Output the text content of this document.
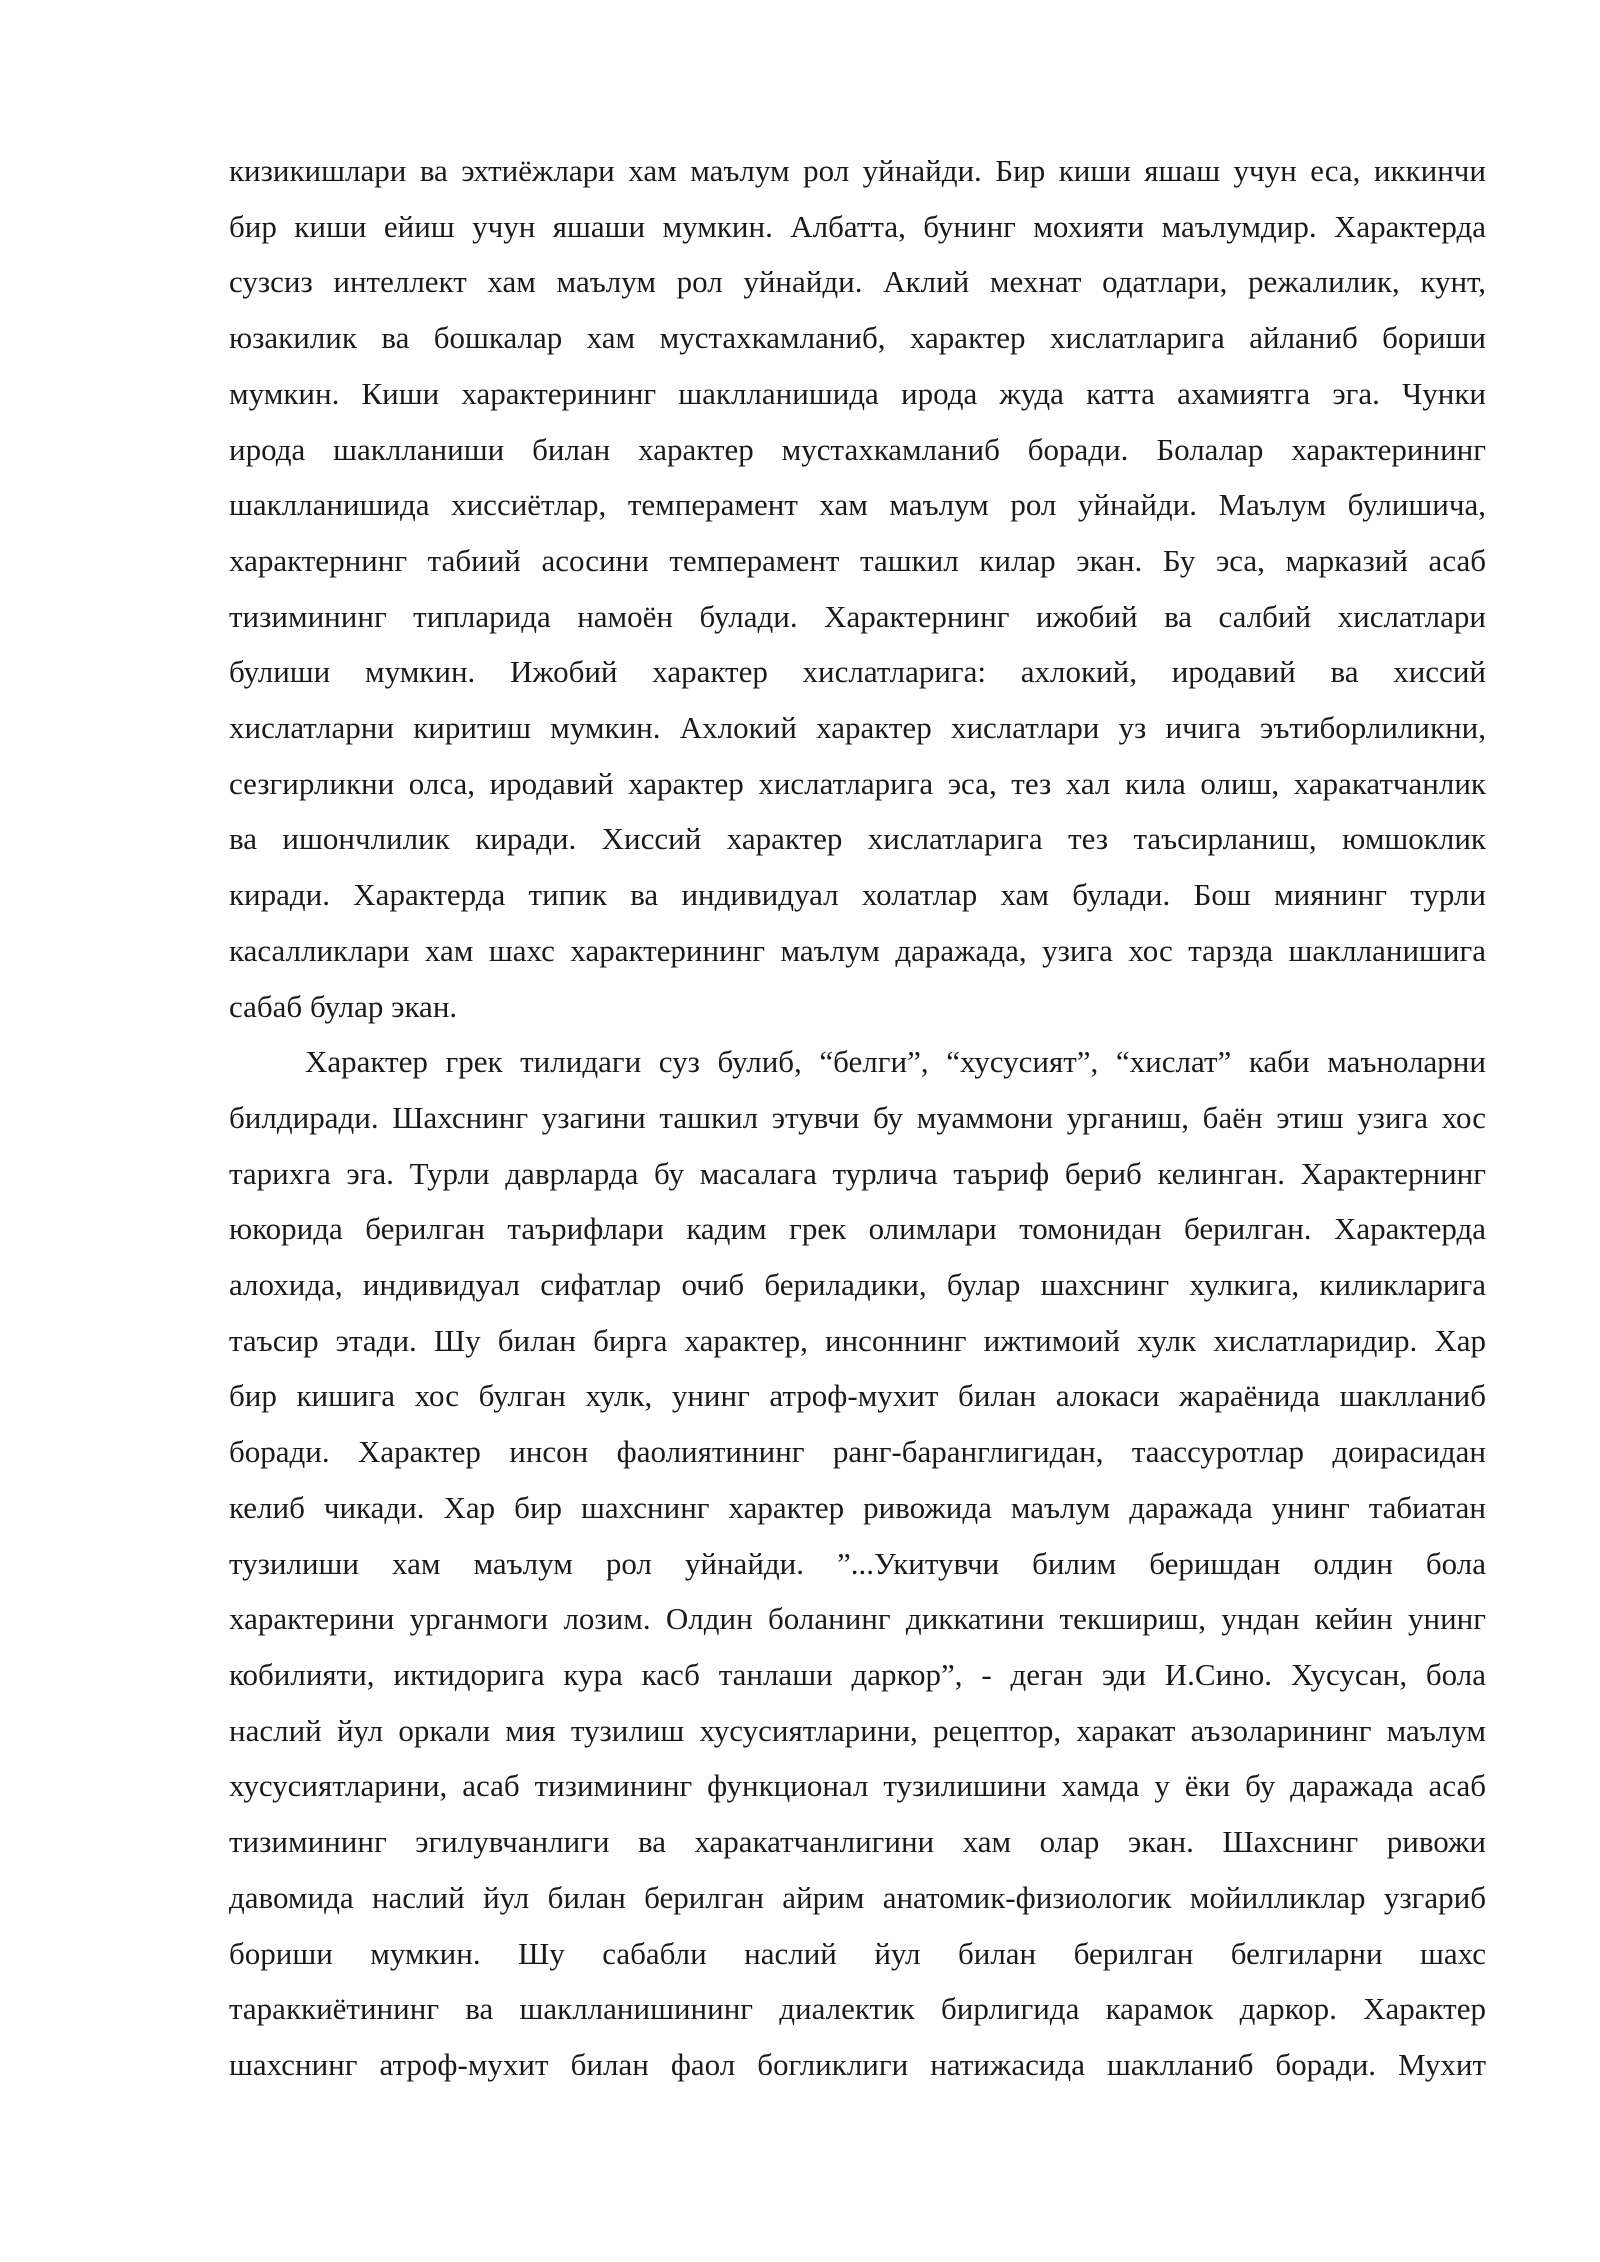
кизикишлари ва эхтиёжлари хам маълум рол уйнайди. Бир киши яшаш учун еса, иккинчи
бир киши ейиш учун яшаши мумкин. Албатта, бунинг мохияти маълумдир. Характерда
сузсиз интеллект хам маълум рол уйнайди. Аклий мехнат одатлари, режалилик, кунт,
юзакилик ва бошкалар хам мустахкамланиб, характер хислатларига айланиб бориши
мумкин. Киши характерининг шаклланишида ирода жуда катта ахамиятга эга. Чунки
ирода шаклланиши билан характер мустахкамланиб боради. Болалар характерининг
шаклланишида хиссиётлар, темперамент хам маълум рол уйнайди. Маълум булишича,
характернинг табиий асосини темперамент ташкил килар экан. Бу эса, марказий асаб
тизимининг типларида намоён булади. Характернинг ижобий ва салбий хислатлари
булиши мумкин. Ижобий характер хислатларига: ахлокий, иродавий ва хиссий
хислатларни киритиш мумкин. Ахлокий характер хислатлари уз ичига эътиборлиликни,
сезгирликни олса, иродавий характер хислатларига эса, тез хал кила олиш, харакатчанлик
ва ишончлилик киради. Хиссий характер хислатларига тез таъсирланиш, юмшоклик
киради. Характерда типик ва индивидуал холатлар хам булади. Бош миянинг турли
касалликлари хам шахс характерининг маълум даражада, узига хос тарзда шаклланишига
сабаб булар экан.
Характер грек тилидаги суз булиб, “белги”, “хусусият”, “хислат” каби маъноларни
билдиради. Шахснинг узагини ташкил этувчи бу муаммони урганиш, баён этиш узига хос
тарихга эга. Турли даврларда бу масалага турлича таъриф бериб келинган. Характернинг
юкорида берилган таърифлари кадим грек олимлари томонидан берилган. Характерда
алохида, индивидуал сифатлар очиб бериладики, булар шахснинг хулкига, киликларига
таъсир этади. Шу билан бирга характер, инсоннинг ижтимоий хулк хислатларидир. Хар
бир кишига хос булган хулк, унинг атроф-мухит билан алокаси жараёнида шаклланиб
боради. Характер инсон фаолиятининг ранг-баранглигидан, таассуротлар доирасидан
келиб чикади. Хар бир шахснинг характер ривожида маълум даражада унинг табиатан
тузилиши хам маълум рол уйнайди. ”...Укитувчи билим беришдан олдин бола
характерини урганмоги лозим. Олдин боланинг диккатини текшириш, ундан кейин унинг
кобилияти, иктидорига кура касб танлаши даркор”, - деган эди И.Сино. Хусусан, бола
наслий йул оркали мия тузилиш хусусиятларини, рецептор, харакат аъзоларининг маълум
хусусиятларини, асаб тизимининг функционал тузилишини хамда у ёки бу даражада асаб
тизимининг эгилувчанлиги ва харакатчанлигини хам олар экан. Шахснинг ривожи
давомида наслий йул билан берилган айрим анатомик-физиологик мойилликлар узгариб
бориши мумкин. Шу сабабли наслий йул билан берилган белгиларни шахс
тараккиётининг ва шаклланишининг диалектик бирлигида карамок даркор. Характер
шахснинг атроф-мухит билан фаол богликлиги натижасида шаклланиб боради. Мухит
